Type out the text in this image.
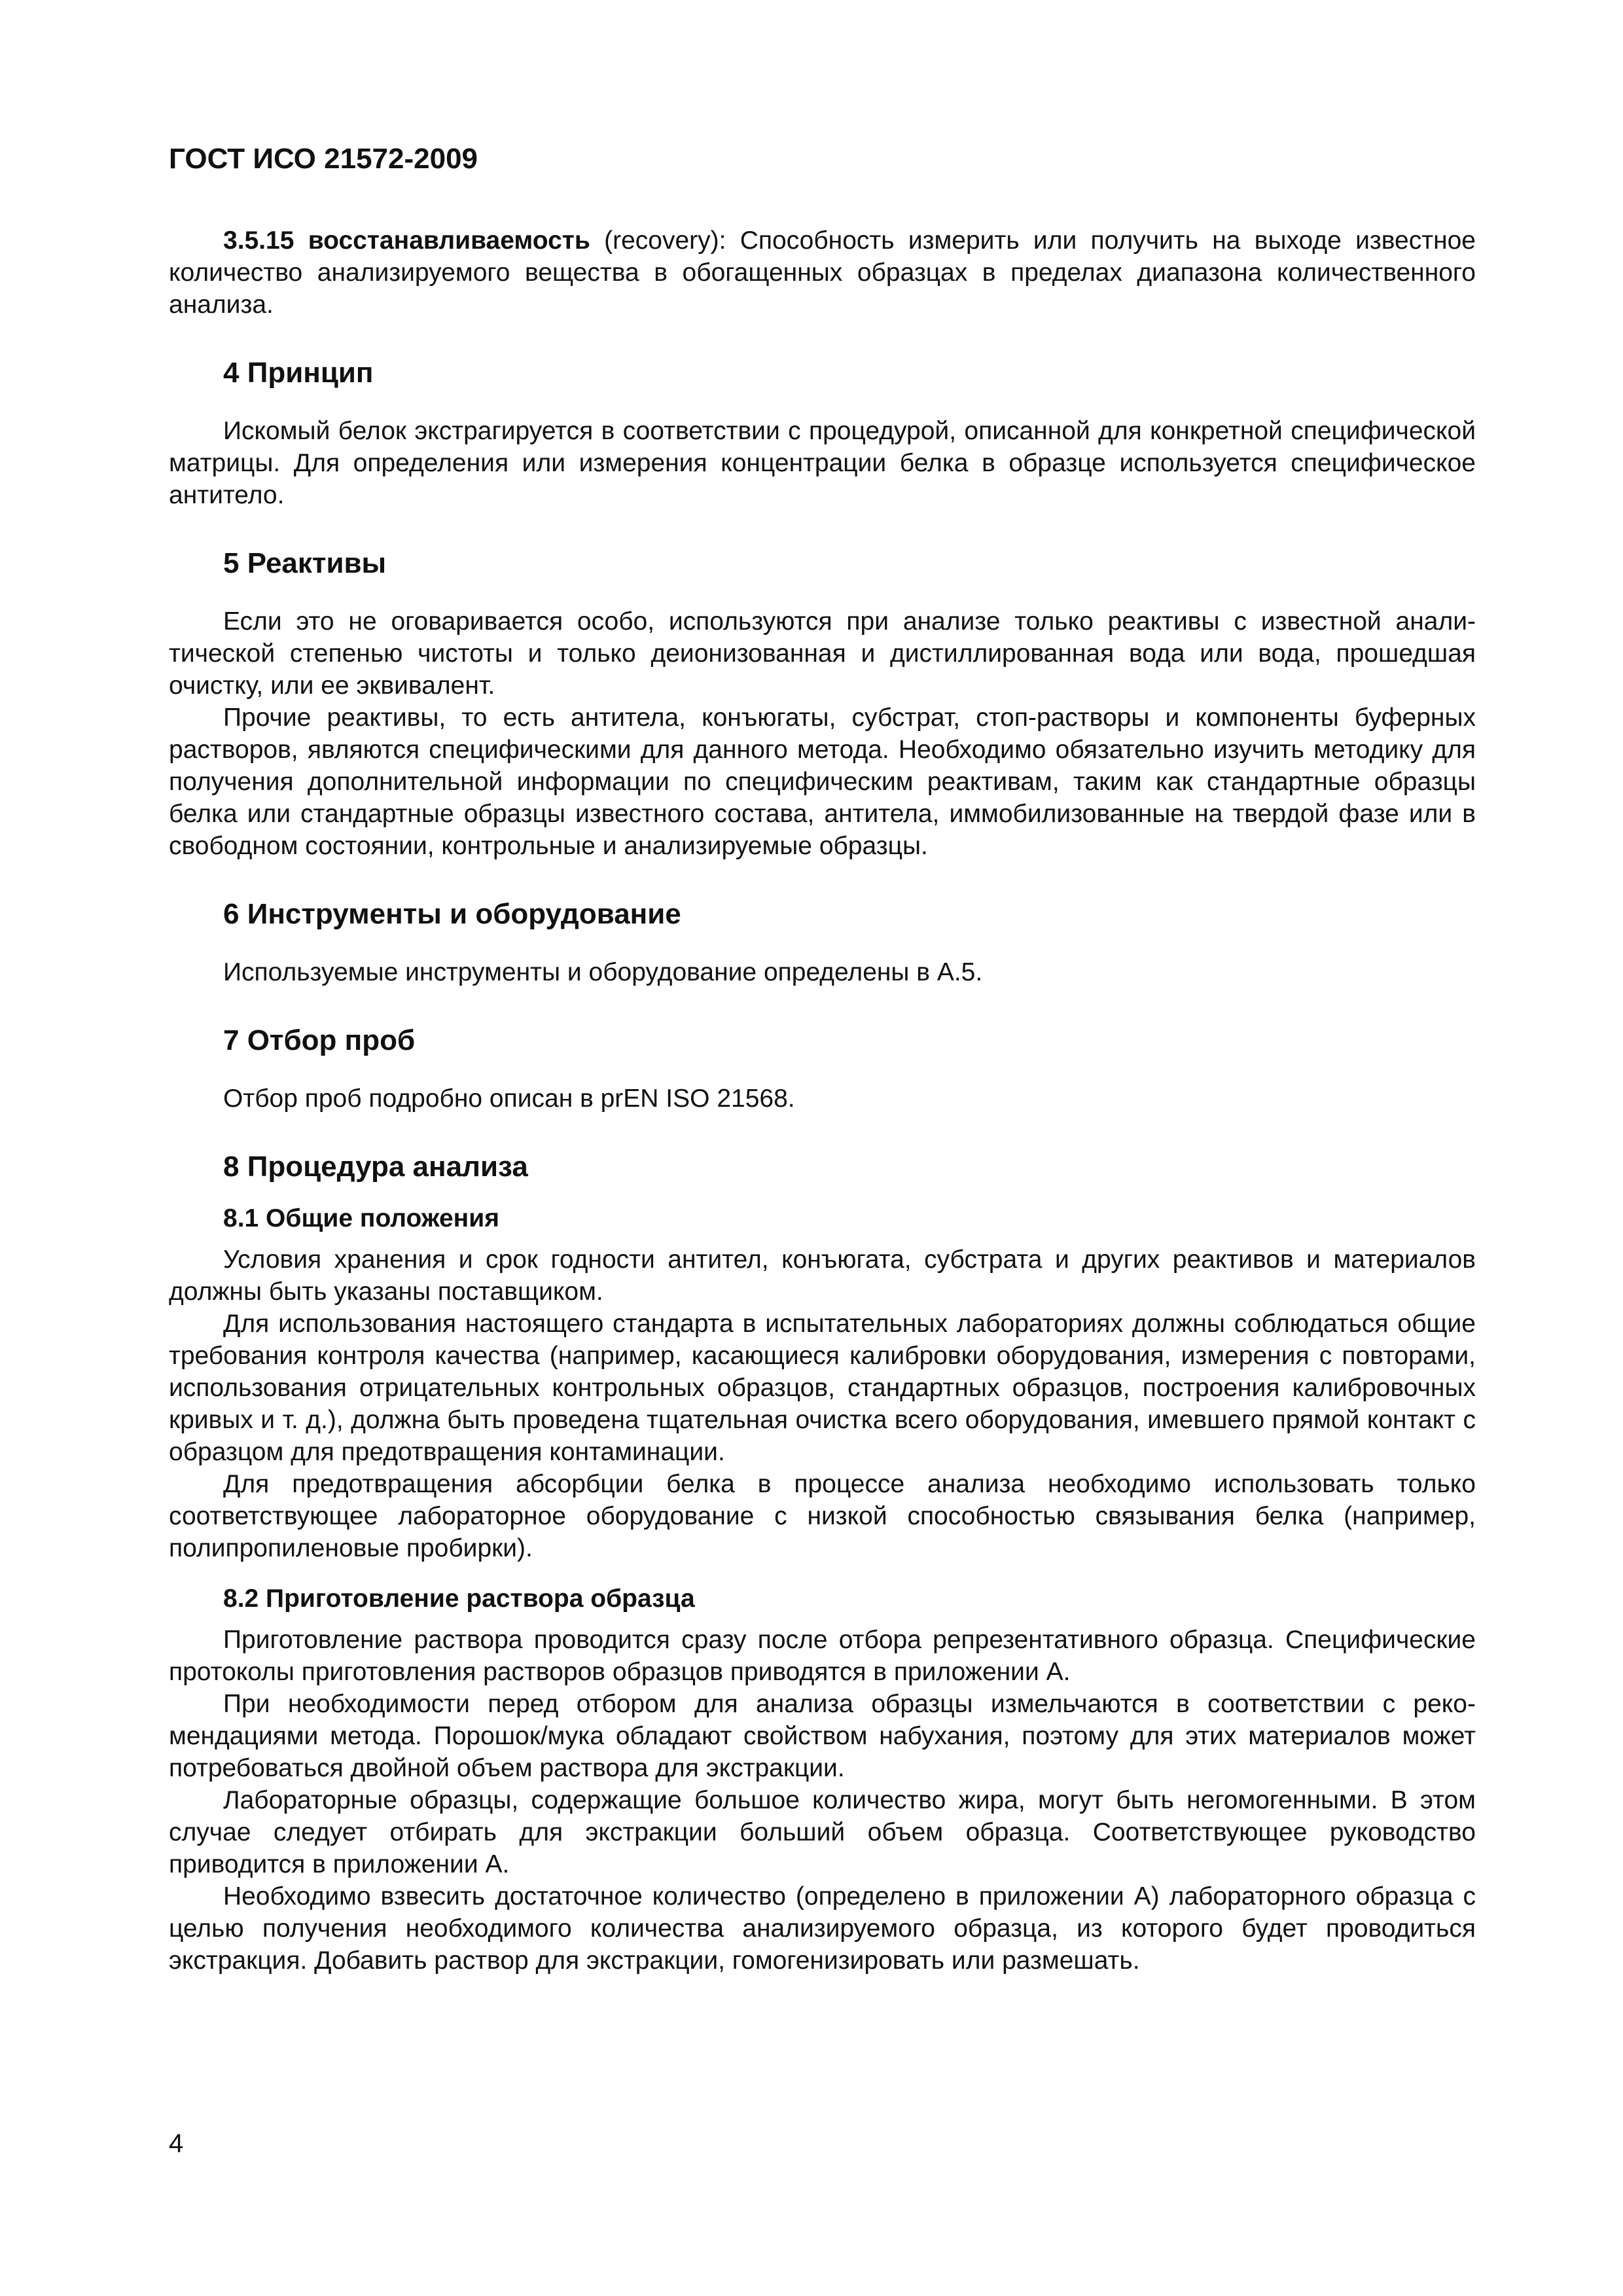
ГОСТ ИСО 21572-2009

3.5.15 восстанавливаемость (recovery): Способность измерить или получить на выходе известное количество анализируемого вещества в обогащенных образцах в пределах диапазона количественного анализа.

4 Принцип

Искомый белок экстрагируется в соответствии с процедурой, описанной для конкретной специфической матрицы. Для определения или измерения концентрации белка в образце используется специфическое антитело.

5 Реактивы

Если это не оговаривается особо, используются при анализе только реактивы с известной аналитической степенью чистоты и только деионизованная и дистиллированная вода или вода, прошедшая очистку, или ее эквивалент.

Прочие реактивы, то есть антитела, конъюгаты, субстрат, стоп-растворы и компоненты буферных растворов, являются специфическими для данного метода. Необходимо обязательно изучить методику для получения дополнительной информации по специфическим реактивам, таким как стандартные образцы белка или стандартные образцы известного состава, антитела, иммобилизованные на твердой фазе или в свободном состоянии, контрольные и анализируемые образцы.

6 Инструменты и оборудование

Используемые инструменты и оборудование определены в А.5.

7 Отбор проб

Отбор проб подробно описан в prEN ISO 21568.

8 Процедура анализа
8.1 Общие положения

Условия хранения и срок годности антител, конъюгата, субстрата и других реактивов и материалов должны быть указаны поставщиком.

Для использования настоящего стандарта в испытательных лабораториях должны соблюдаться общие требования контроля качества (например, касающиеся калибровки оборудования, измерения с повторами, использования отрицательных контрольных образцов, стандартных образцов, построения калибровочных кривых и т. д.), должна быть проведена тщательная очистка всего оборудования, имевшего прямой контакт с образцом для предотвращения контаминации.

Для предотвращения абсорбции белка в процессе анализа необходимо использовать только соответствующее лабораторное оборудование с низкой способностью связывания белка (например, полипропиленовые пробирки).

8.2 Приготовление раствора образца

Приготовление раствора проводится сразу после отбора репрезентативного образца. Специфические протоколы приготовления растворов образцов приводятся в приложении А.

При необходимости перед отбором для анализа образцы измельчаются в соответствии с рекомендациями метода. Порошок/мука обладают свойством набухания, поэтому для этих материалов может потребоваться двойной объем раствора для экстракции.

Лабораторные образцы, содержащие большое количество жира, могут быть негомогенными. В этом случае следует отбирать для экстракции больший объем образца. Соответствующее руководство приводится в приложении А.

Необходимо взвесить достаточное количество (определено в приложении А) лабораторного образца с целью получения необходимого количества анализируемого образца, из которого будет проводиться экстракция. Добавить раствор для экстракции, гомогенизировать или размешать.

4
